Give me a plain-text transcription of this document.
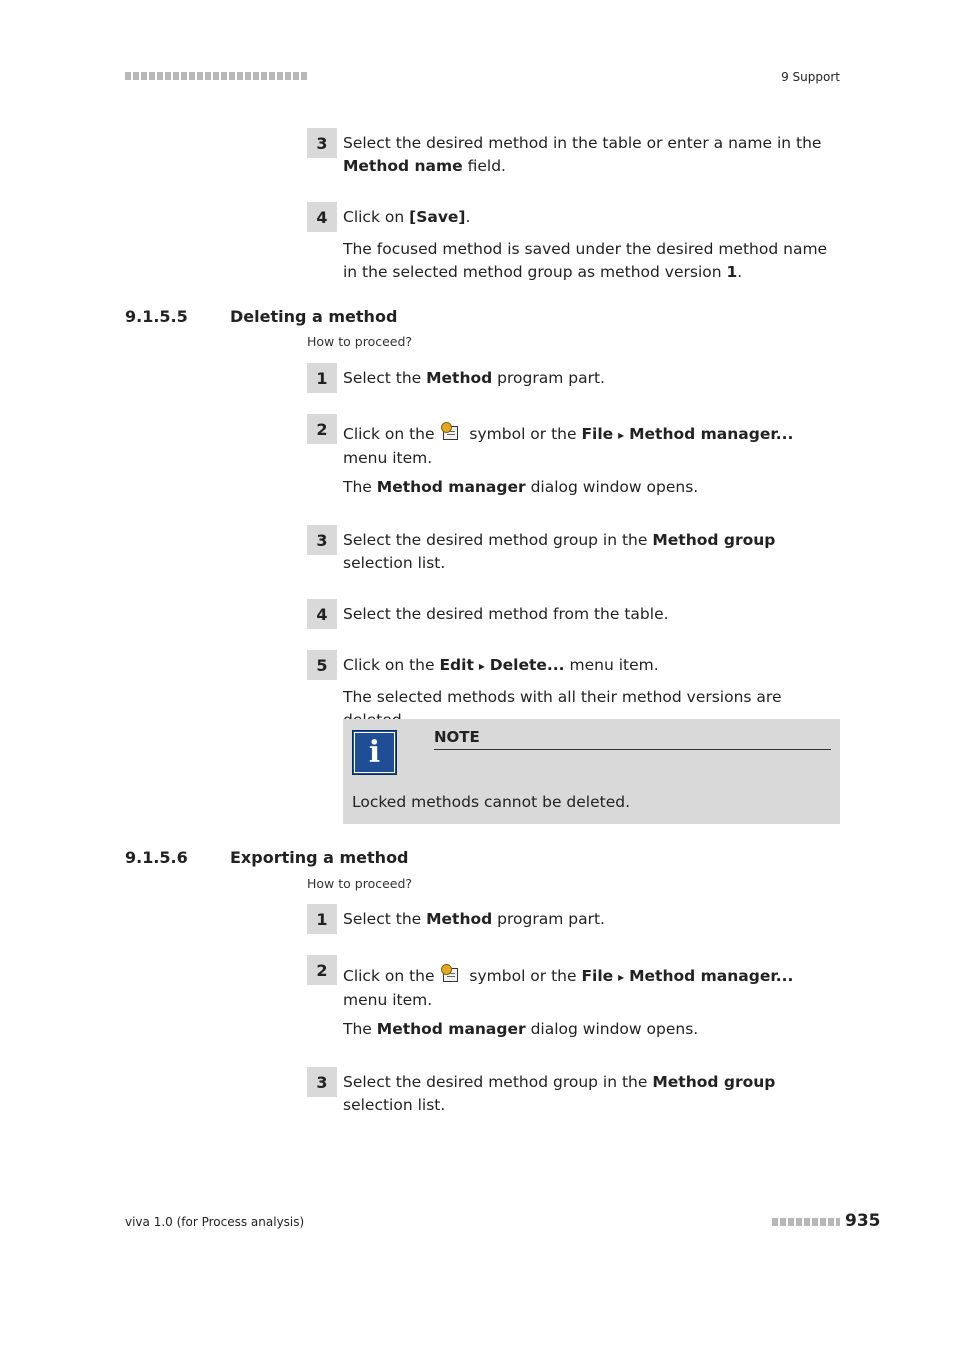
9 Support
3 Select the desired method in the table or enter a name in the Method name field.
4 Click on [Save].
The focused method is saved under the desired method name in the selected method group as method version 1.
9.1.5.5	Deleting a method
How to proceed?
1 Select the Method program part.
2 Click on the
symbol or the File ▸ Method manager... menu item.
The Method manager dialog window opens.
3 Select the desired method group in the Method group selection list.
4 Select the desired method from the table.
5 Click on the Edit ▸ Delete... menu item.
The selected methods with all their method versions are
i	NOTE
Locked methods cannot be deleted.
9.1.5.6	Exporting a method
How to proceed?
1 Select the Method program part.
2 Click on the
symbol or the File ▸ Method manager... menu item.
The Method manager dialog window opens.
3 Select the desired method group in the Method group selection list.
viva 1.0 (for Process analysis)	935
